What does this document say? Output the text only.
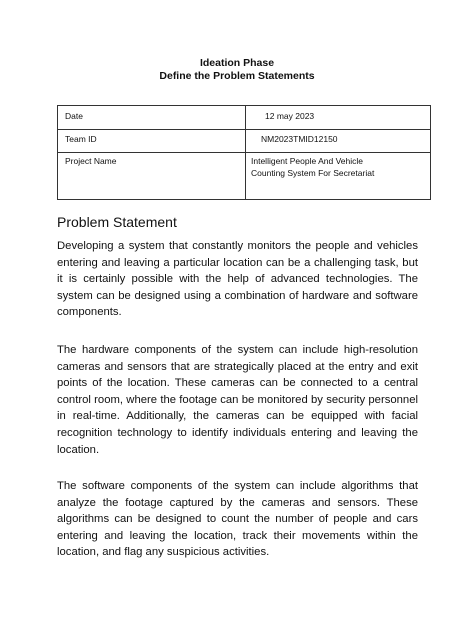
Ideation Phase
Define the Problem Statements
Date	12 may 2023
Team ID	NM2023TMID12150
Project Name	Intelligent People And Vehicle
Counting System For Secretariat
Problem Statement

Developing a system that constantly monitors the people and vehicles entering and leaving a particular location can be a challenging task, but it is certainly possible with the help of advanced technologies. The system can be designed using a combination of hardware and software components.

The hardware components of the system can include high-resolution cameras and sensors that are strategically placed at the entry and exit points of the location. These cameras can be connected to a central control room, where the footage can be monitored by security personnel in real-time. Additionally, the cameras can be equipped with facial recognition technology to identify individuals entering and leaving the location.

The software components of the system can include algorithms that analyze the footage captured by the cameras and sensors. These algorithms can be designed to count the number of people and cars entering and leaving the location, track their movements within the location, and flag any suspicious activities.
